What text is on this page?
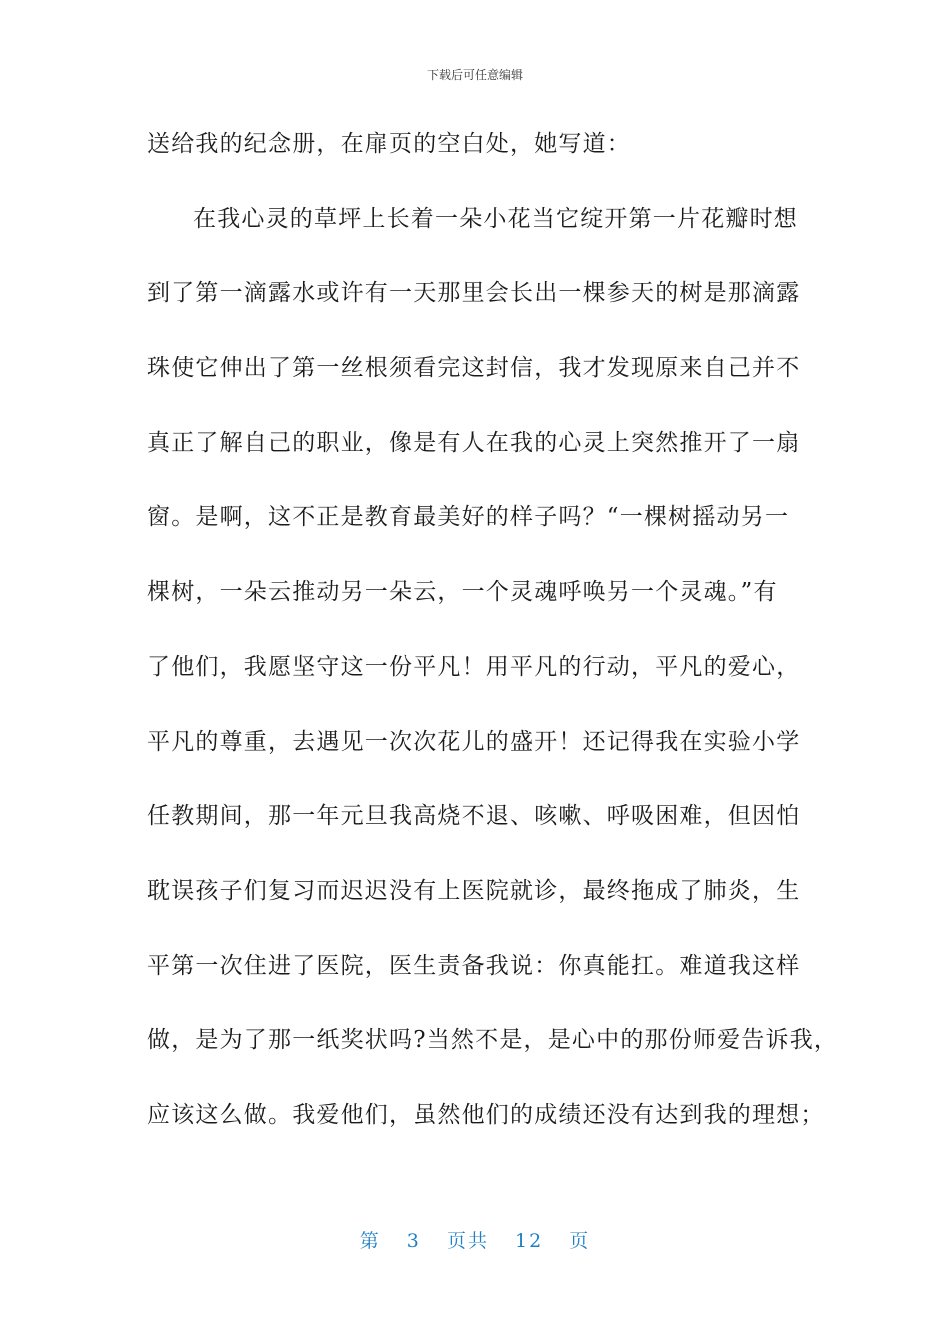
下载后可任意编辑
送给我的纪念册，在扉页的空白处，她写道：
在我心灵的草坪上长着一朵小花当它绽开第一片花瓣时想
到了第一滴露水或许有一天那里会长出一棵参天的树是那滴露
珠使它伸出了第一丝根须看完这封信，我才发现原来自己并不
真正了解自己的职业，像是有人在我的心灵上突然推开了一扇
窗。是啊，这不正是教育最美好的样子吗？“一棵树摇动另一
棵树，一朵云推动另一朵云，一个灵魂呼唤另一个灵魂。”有
了他们，我愿坚守这一份平凡！用平凡的行动，平凡的爱心，
平凡的尊重，去遇见一次次花儿的盛开！还记得我在实验小学
任教期间，那一年元旦我高烧不退、咳嗽、呼吸困难，但因怕
耽误孩子们复习而迟迟没有上医院就诊，最终拖成了肺炎，生
平第一次住进了医院，医生责备我说：你真能扛。难道我这样
做，是为了那一纸奖状吗?当然不是，是心中的那份师爱告诉我，
应该这么做。我爱他们，虽然他们的成绩还没有达到我的理想；
第 3 页共 12 页
